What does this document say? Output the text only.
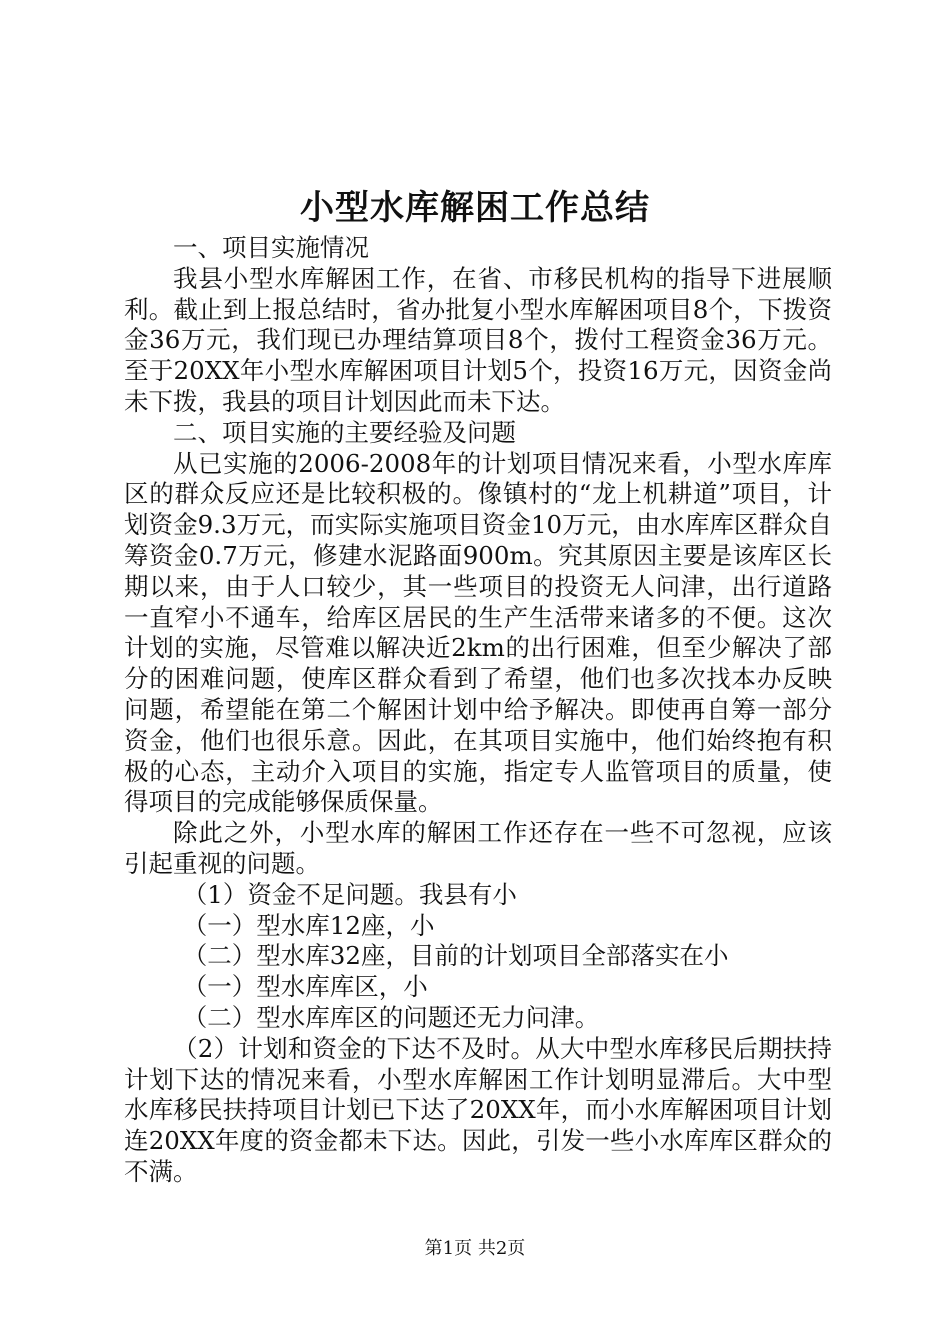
小型水库解困工作总结

一、项目实施情况

我县小型水库解困工作，在省、市移民机构的指导下进展顺利。截止到上报总结时，省办批复小型水库解困项目8个，下拨资金36万元，我们现已办理结算项目8个，拨付工程资金36万元。至于20XX年小型水库解困项目计划5个，投资16万元，因资金尚未下拨，我县的项目计划因此而未下达。

二、项目实施的主要经验及问题

从已实施的2006-2008年的计划项目情况来看，小型水库库区的群众反应还是比较积极的。像镇村的“龙上机耕道”项目，计划资金9.3万元，而实际实施项目资金10万元，由水库库区群众自筹资金0.7万元，修建水泥路面900m。究其原因主要是该库区长期以来，由于人口较少，其一些项目的投资无人问津，出行道路一直窄小不通车，给库区居民的生产生活带来诸多的不便。这次计划的实施，尽管难以解决近2km的出行困难，但至少解决了部分的困难问题，使库区群众看到了希望，他们也多次找本办反映问题，希望能在第二个解困计划中给予解决。即使再自筹一部分资金，他们也很乐意。因此，在其项目实施中，他们始终抱有积极的心态，主动介入项目的实施，指定专人监管项目的质量，使得项目的完成能够保质保量。

除此之外，小型水库的解困工作还存在一些不可忽视，应该引起重视的问题。

（1）资金不足问题。我县有小

（一）型水库12座，小

（二）型水库32座，目前的计划项目全部落实在小

（一）型水库库区，小

（二）型水库库区的问题还无力问津。

（2）计划和资金的下达不及时。从大中型水库移民后期扶持计划下达的情况来看，小型水库解困工作计划明显滞后。大中型水库移民扶持项目计划已下达了20XX年，而小水库解困项目计划连20XX年度的资金都未下达。因此，引发一些小水库库区群众的不满。

第1页 共2页
